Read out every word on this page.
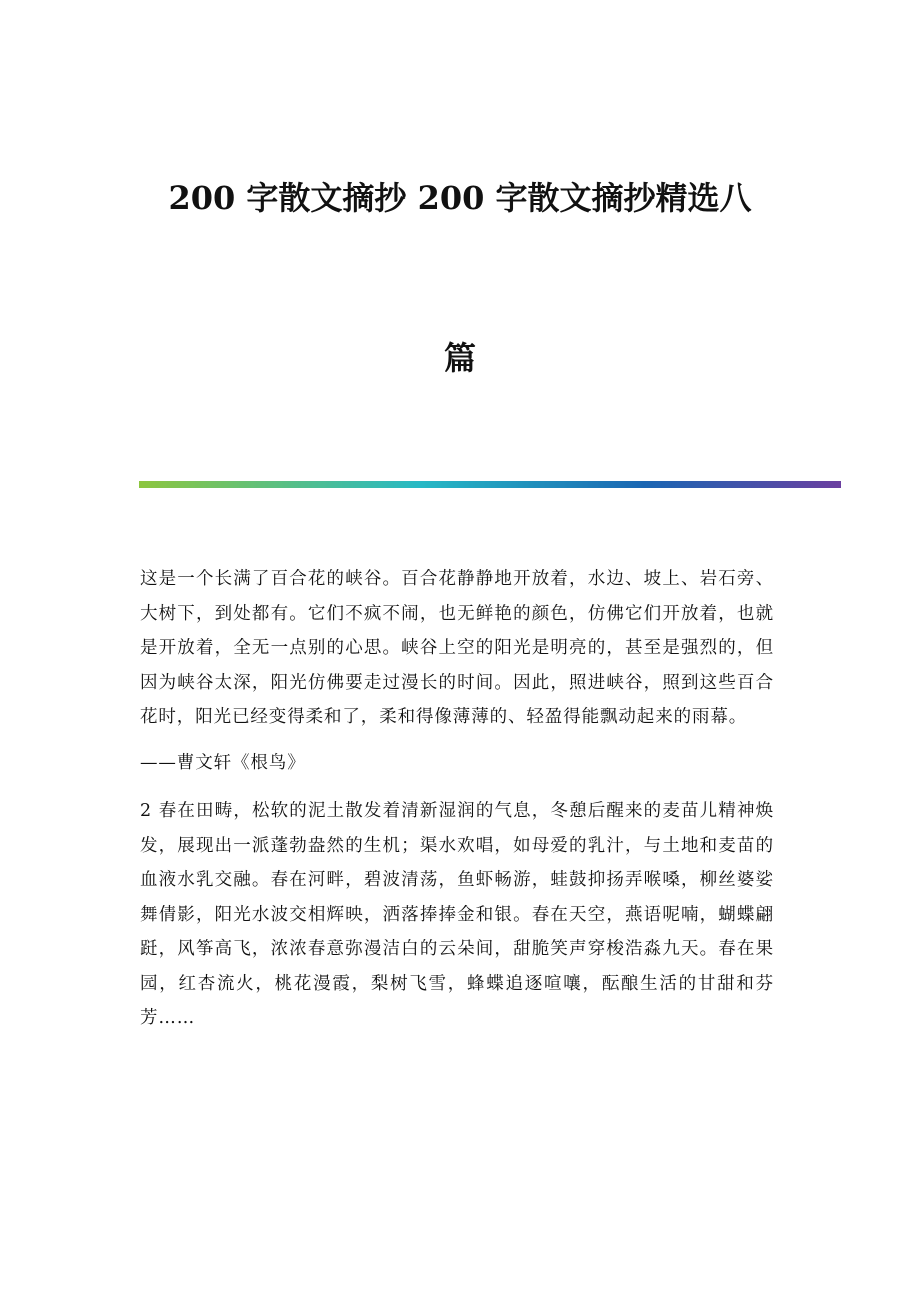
200 字散文摘抄 200 字散文摘抄精选八
篇

这是一个长满了百合花的峡谷。百合花静静地开放着，水边、坡上、岩石旁、大树下，到处都有。它们不疯不闹，也无鲜艳的颜色，仿佛它们开放着，也就是开放着，全无一点别的心思。峡谷上空的阳光是明亮的，甚至是强烈的，但因为峡谷太深，阳光仿佛要走过漫长的时间。因此，照进峡谷，照到这些百合花时，阳光已经变得柔和了，柔和得像薄薄的、轻盈得能飘动起来的雨幕。

——曹文轩《根鸟》

2 春在田畴，松软的泥土散发着清新湿润的气息，冬憩后醒来的麦苗儿精神焕发，展现出一派蓬勃盎然的生机；渠水欢唱，如母爱的乳汁，与土地和麦苗的血液水乳交融。春在河畔，碧波清荡，鱼虾畅游，蛙鼓抑扬弄喉嗓，柳丝婆娑舞倩影，阳光水波交相辉映，洒落捧捧金和银。春在天空，燕语呢喃，蝴蝶翩跹，风筝高飞，浓浓春意弥漫洁白的云朵间，甜脆笑声穿梭浩淼九天。春在果园，红杏流火，桃花漫霞，梨树飞雪，蜂蝶追逐喧嚷，酝酿生活的甘甜和芬芳……
